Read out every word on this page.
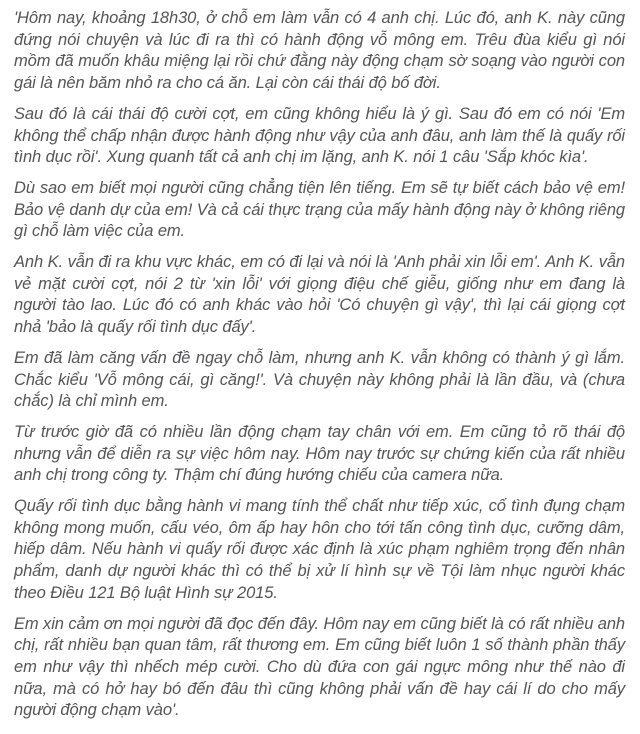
'Hôm nay, khoảng 18h30, ở chỗ em làm vẫn có 4 anh chị. Lúc đó, anh K. này cũng đứng nói chuyện và lúc đi ra thì có hành động vỗ mông em. Trêu đùa kiểu gì nói mồm đã muốn khâu miệng lại rồi chứ đằng này động chạm sờ soạng vào người con gái là nên băm nhỏ ra cho cá ăn. Lại còn cái thái độ bố đời.

Sau đó là cái thái độ cười cợt, em cũng không hiểu là ý gì. Sau đó em có nói 'Em không thể chấp nhận được hành động như vậy của anh đâu, anh làm thế là quấy rối tình dục rồi'. Xung quanh tất cả anh chị im lặng, anh K. nói 1 câu 'Sắp khóc kìa'.

Dù sao em biết mọi người cũng chẳng tiện lên tiếng. Em sẽ tự biết cách bảo vệ em! Bảo vệ danh dự của em! Và cả cái thực trạng của mấy hành động này ở không riêng gì chỗ làm việc của em.

Anh K. vẫn đi ra khu vực khác, em có đi lại và nói là 'Anh phải xin lỗi em'. Anh K. vẫn vẻ mặt cười cợt, nói 2 từ 'xin lỗi' với giọng điệu chế giễu, giống như em đang là người tào lao. Lúc đó có anh khác vào hỏi 'Có chuyện gì vậy', thì lại cái giọng cợt nhả 'bảo là quấy rối tình dục đấy'.

Em đã làm căng vấn đề ngay chỗ làm, nhưng anh K. vẫn không có thành ý gì lắm. Chắc kiểu 'Vỗ mông cái, gì căng!'. Và chuyện này không phải là lần đầu, và (chưa chắc) là chỉ mình em.

Từ trước giờ đã có nhiều lần động chạm tay chân với em. Em cũng tỏ rõ thái độ nhưng vẫn để diễn ra sự việc hôm nay. Hôm nay trước sự chứng kiến của rất nhiều anh chị trong công ty. Thậm chí đúng hướng chiếu của camera nữa.

Quấy rối tình dục bằng hành vi mang tính thể chất như tiếp xúc, cố tình đụng chạm không mong muốn, cấu véo, ôm ấp hay hôn cho tới tấn công tình dục, cưỡng dâm, hiếp dâm. Nếu hành vi quấy rối được xác định là xúc phạm nghiêm trọng đến nhân phẩm, danh dự người khác thì có thể bị xử lí hình sự về Tội làm nhục người khác theo Điều 121 Bộ luật Hình sự 2015.

Em xin cảm ơn mọi người đã đọc đến đây. Hôm nay em cũng biết là có rất nhiều anh chị, rất nhiều bạn quan tâm, rất thương em. Em cũng biết luôn 1 số thành phần thấy em như vậy thì nhếch mép cười. Cho dù đứa con gái ngực mông như thế nào đi nữa, mà có hở hay bó đến đâu thì cũng không phải vấn đề hay cái lí do cho mấy người động chạm vào'.
